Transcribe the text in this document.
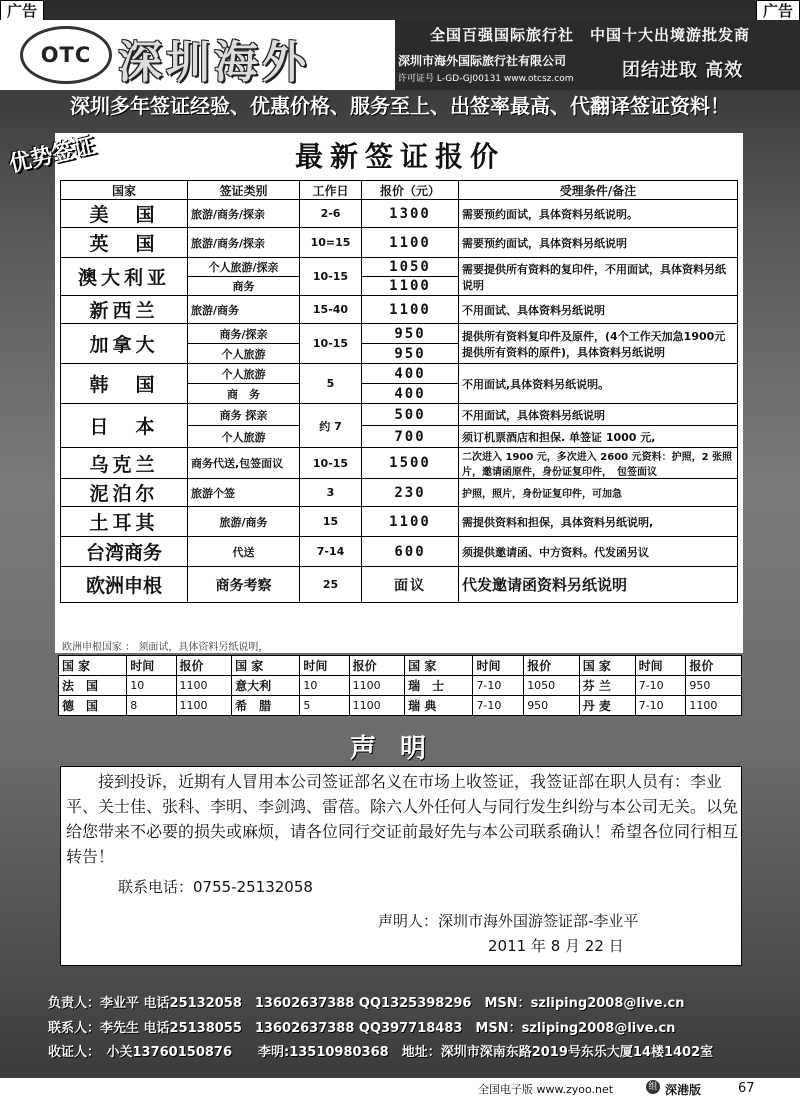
广告	广告
OTC 深圳海外
全国百强国际旅行社　中国十大出境游批发商
深圳市海外国际旅行社有限公司
许可证号 L-GD-GJ00131 www.otcsz.com	团结进取 高效
深圳多年签证经验、优惠价格、服务至上、出签率最高、代翻译签证资料！
优势签证	最新签证报价
国家	签证类别	工作日	报价（元）	受理条件/备注
美　国	旅游/商务/探亲	2-6	1300	需要预约面试，具体资料另纸说明。
英　国	旅游/商务/探亲	10=15	1100	需要预约面试，具体资料另纸说明
澳大利亚	个人旅游/探亲	10-15	1050	需要提供所有资料的复印件，不用面试，具体资料另纸说明
	商务		1100	
新西兰	旅游/商务	15-40	1100	不用面试、具体资料另纸说明
加拿大	商务/探亲	10-15	950	提供所有资料复印件及原件，(4个工作天加急1900元提供所有资料的原件)，具体资料另纸说明
	个人旅游		950	
韩　国	个人旅游	5	400	不用面试,具体资料另纸说明。
	商　务		400	
日　本	商务 探亲	约 7	500	不用面试，具体资料另纸说明
	个人旅游		700	须订机票酒店和担保. 单签证 1000 元,
乌克兰	商务代送,包签面议	10-15	1500	二次进入 1900 元，多次进入 2600 元资料：护照，2 张照片，邀请函原件，身份证复印件，　包签面议
泥泊尔	旅游个签	3	230	护照，照片，身份证复印件，可加急
土耳其	旅游/商务	15	1100	需提供资料和担保，具体资料另纸说明,
台湾商务	代送	7-14	600	须提供邀请函、中方资料。代发函另议
欧洲申根	商务考察	25	面议	代发邀请函资料另纸说明
欧洲申根国家 ： 须面试，具体资料另纸说明，
国 家	时间	报价	国 家	时间	报价	国 家	时间	报价	国 家	时间	报价
法　国	10	1100	意大利	10	1100	瑞　士	7-10	1050	芬 兰	7-10	950
德　国	8	1100	希　腊	5	1100	瑞 典	7-10	950	丹 麦	7-10	1100
声明
接到投诉，近期有人冒用本公司签证部名义在市场上收签证，我签证部在职人员有：李业平、关士佳、张科、李明、李剑鸿、雷蓓。除六人外任何人与同行发生纠纷与本公司无关。以免给您带来不必要的损失或麻烦，请各位同行交证前最好先与本公司联系确认！希望各位同行相互转告！
联系电话：0755-25132058
声明人：深圳市海外国游签证部-李业平
2011 年 8 月 22 日
负责人：李业平 电话25132058　13602637388 QQ1325398296　MSN：szliping2008@live.cn
联系人：李先生 电话25138055　13602637388 QQ397718483　MSN：szliping2008@live.cn
收证人：　小关13760150876　　李明:13510980368　地址：深圳市深南东路2019号东乐大厦14楼1402室
全国电子版 www.zyoo.net	组 深港版	67
